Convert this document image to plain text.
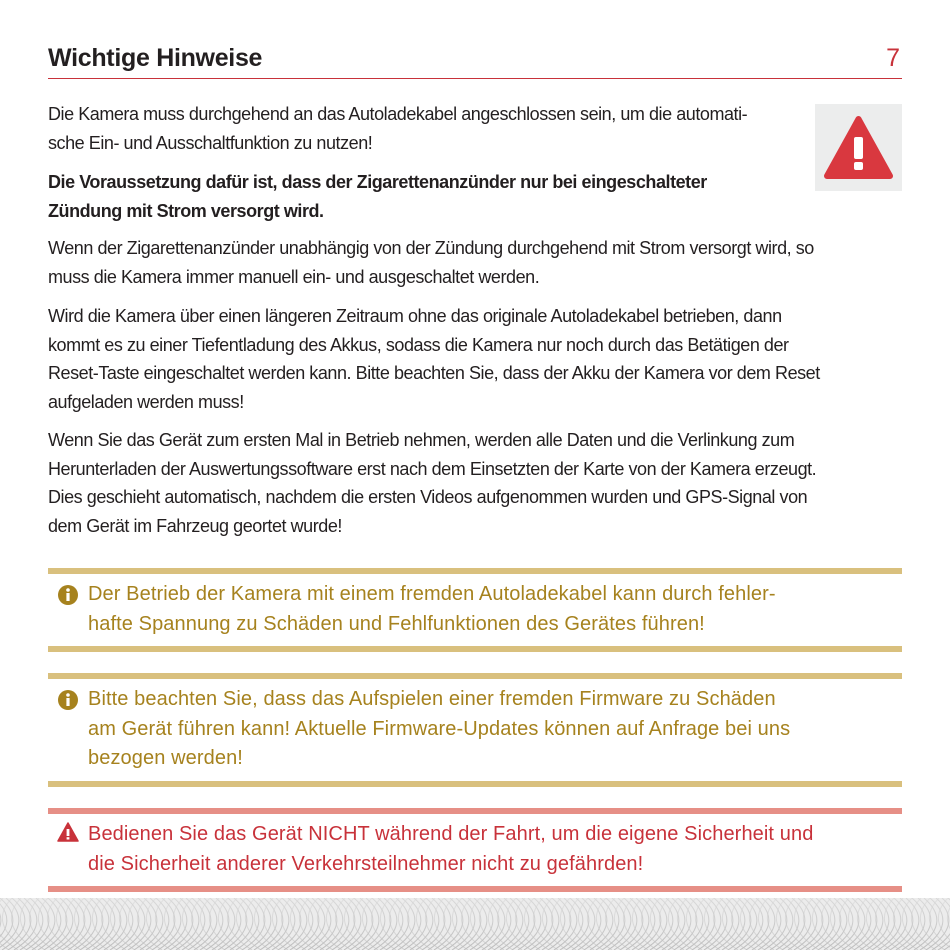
Wichtige Hinweise	7
Die Kamera muss durchgehend an das Autoladekabel angeschlossen sein, um die automati-
sche Ein- und Ausschaltfunktion zu nutzen!
Die Voraussetzung dafür ist, dass der Zigarettenanzünder nur bei eingeschalteter
Zündung mit Strom versorgt wird.
Wenn der Zigarettenanzünder unabhängig von der Zündung durchgehend mit Strom versorgt wird, so
muss die Kamera immer manuell ein- und ausgeschaltet werden.
Wird die Kamera über einen längeren Zeitraum ohne das originale Autoladekabel betrieben, dann
kommt es zu einer Tiefentladung des Akkus, sodass die Kamera nur noch durch das Betätigen der
Reset-Taste eingeschaltet werden kann. Bitte beachten Sie, dass der Akku der Kamera vor dem Reset
aufgeladen werden muss!
Wenn Sie das Gerät zum ersten Mal in Betrieb nehmen, werden alle Daten und die Verlinkung zum
Herunterladen der Auswertungssoftware erst nach dem Einsetzten der Karte von der Kamera erzeugt.
Dies geschieht automatisch, nachdem die ersten Videos aufgenommen wurden und GPS-Signal von
dem Gerät im Fahrzeug geortet wurde!
Der Betrieb der Kamera mit einem fremden Autoladekabel kann durch fehler-
hafte Spannung zu Schäden und Fehlfunktionen des Gerätes führen!
Bitte beachten Sie, dass das Aufspielen einer fremden Firmware zu Schäden
am Gerät führen kann! Aktuelle Firmware-Updates können auf Anfrage bei uns
bezogen werden!
Bedienen Sie das Gerät NICHT während der Fahrt, um die eigene Sicherheit und
die Sicherheit anderer Verkehrsteilnehmer nicht zu gefährden!
